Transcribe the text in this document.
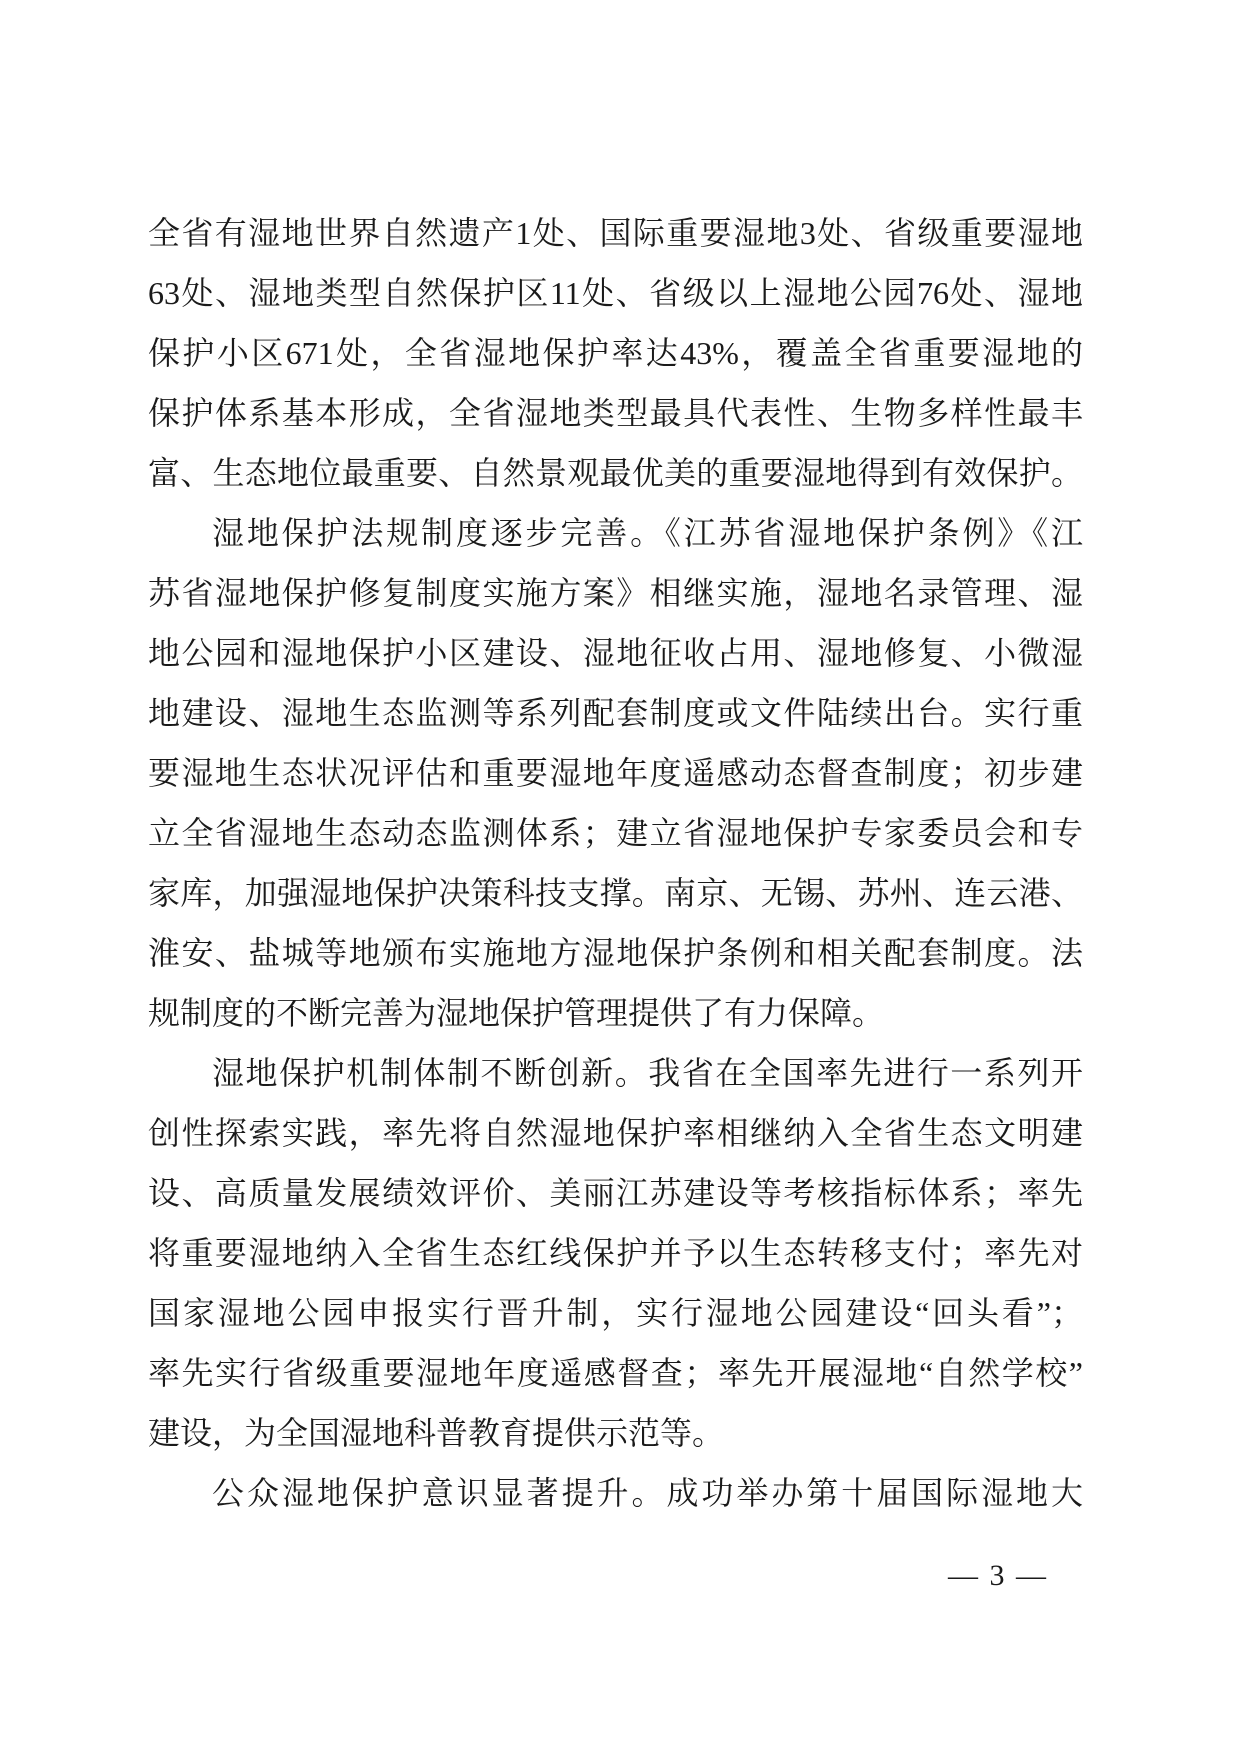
全省有湿地世界自然遗产1处、国际重要湿地3处、省级重要湿地
63处、湿地类型自然保护区11处、省级以上湿地公园76处、湿地
保护小区671处，全省湿地保护率达43%，覆盖全省重要湿地的
保护体系基本形成，全省湿地类型最具代表性、生物多样性最丰
富、生态地位最重要、自然景观最优美的重要湿地得到有效保护。
湿地保护法规制度逐步完善。《江苏省湿地保护条例》《江
苏省湿地保护修复制度实施方案》相继实施，湿地名录管理、湿
地公园和湿地保护小区建设、湿地征收占用、湿地修复、小微湿
地建设、湿地生态监测等系列配套制度或文件陆续出台。实行重
要湿地生态状况评估和重要湿地年度遥感动态督查制度；初步建
立全省湿地生态动态监测体系；建立省湿地保护专家委员会和专
家库，加强湿地保护决策科技支撑。南京、无锡、苏州、连云港、
淮安、盐城等地颁布实施地方湿地保护条例和相关配套制度。法
规制度的不断完善为湿地保护管理提供了有力保障。
湿地保护机制体制不断创新。我省在全国率先进行一系列开
创性探索实践，率先将自然湿地保护率相继纳入全省生态文明建
设、高质量发展绩效评价、美丽江苏建设等考核指标体系；率先
将重要湿地纳入全省生态红线保护并予以生态转移支付；率先对
国家湿地公园申报实行晋升制，实行湿地公园建设“回头看”；
率先实行省级重要湿地年度遥感督查；率先开展湿地“自然学校”
建设，为全国湿地科普教育提供示范等。
公众湿地保护意识显著提升。成功举办第十届国际湿地大
— 3 —
